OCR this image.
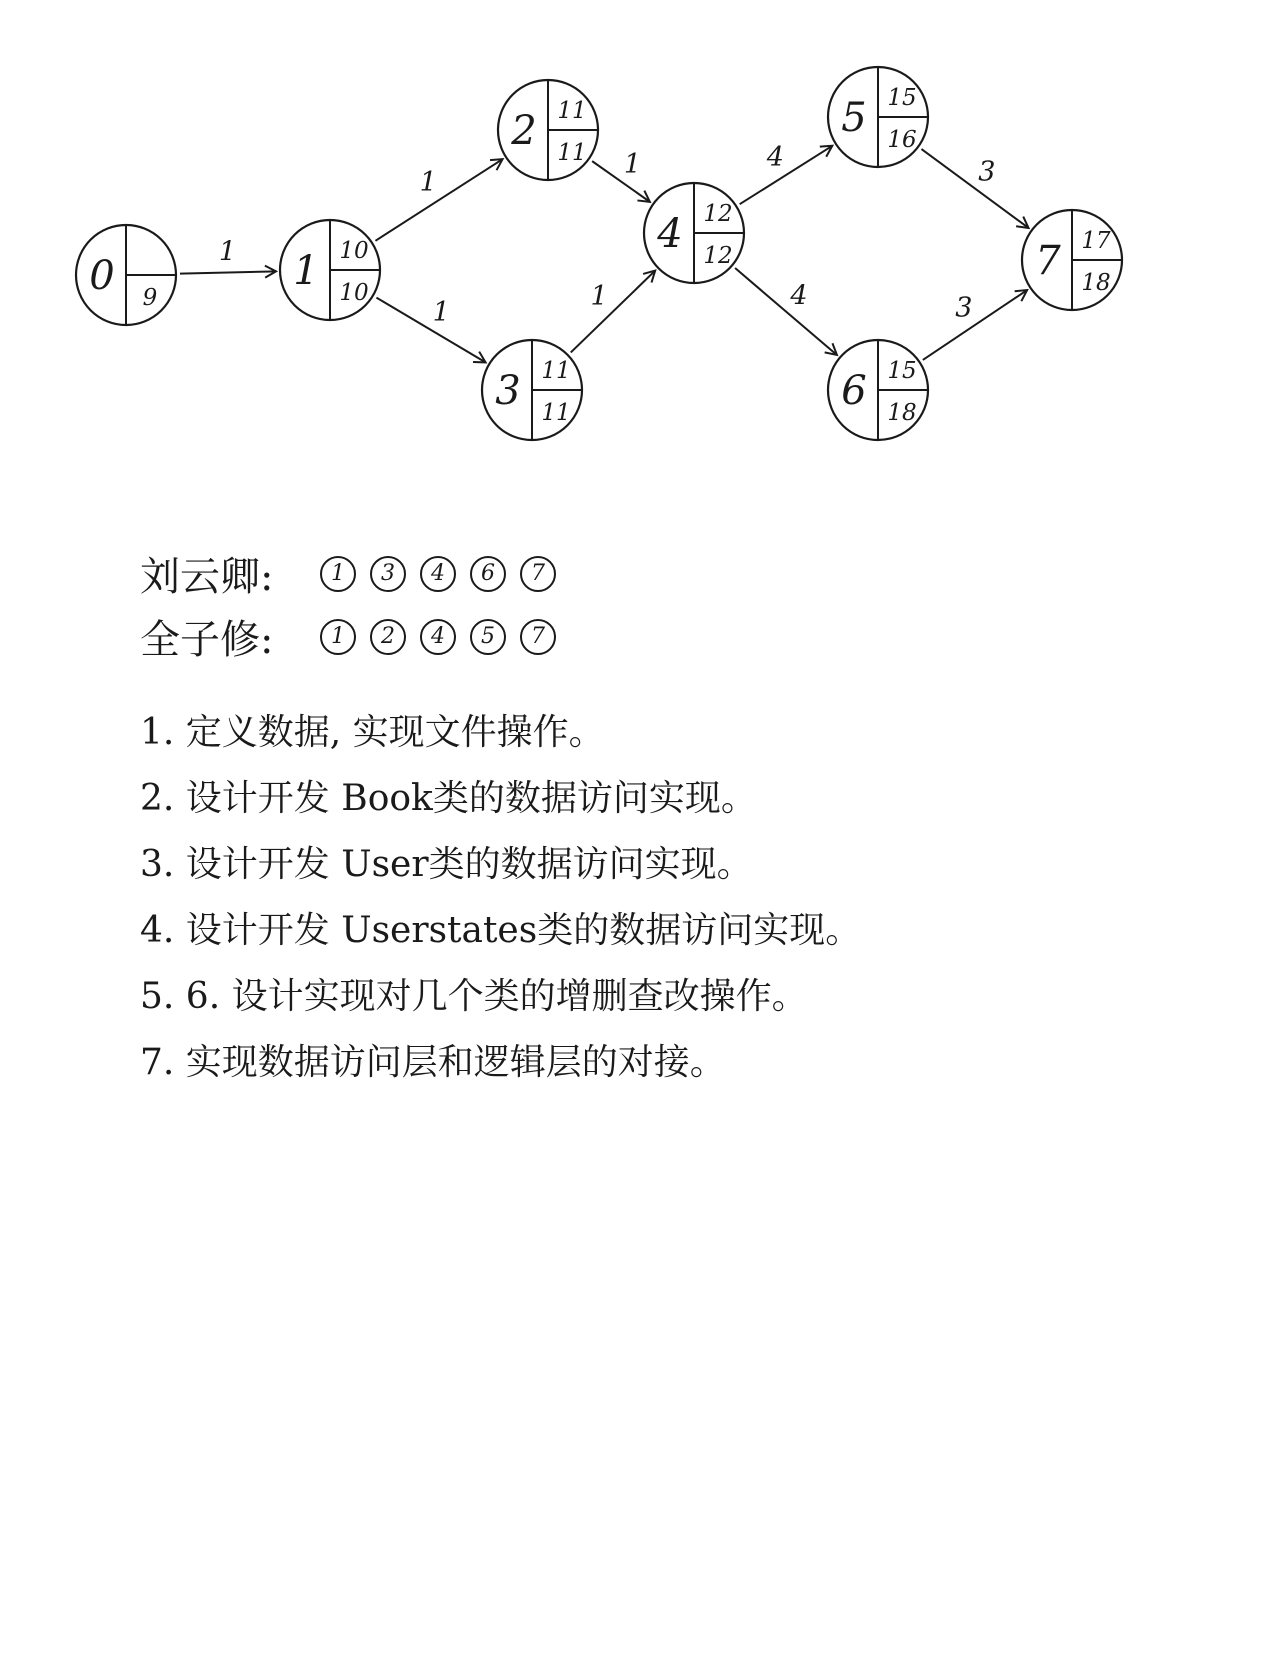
1
1
1
1
1
4
4
3
3
0 9
1 10
10
2 11
11
3 11
11
4 12
12
5 15
16
6 15
18
7 17
18
刘云卿:	1	3	4	6	7
全子修:	1	2	4	5	7
1. 定义数据, 实现文件操作。
2. 设计开发 Book类的数据访问实现。
3. 设计开发 User类的数据访问实现。
4. 设计开发 Userstates类的数据访问实现。
5. 6. 设计实现对几个类的增删查改操作。
7. 实现数据访问层和逻辑层的对接。
